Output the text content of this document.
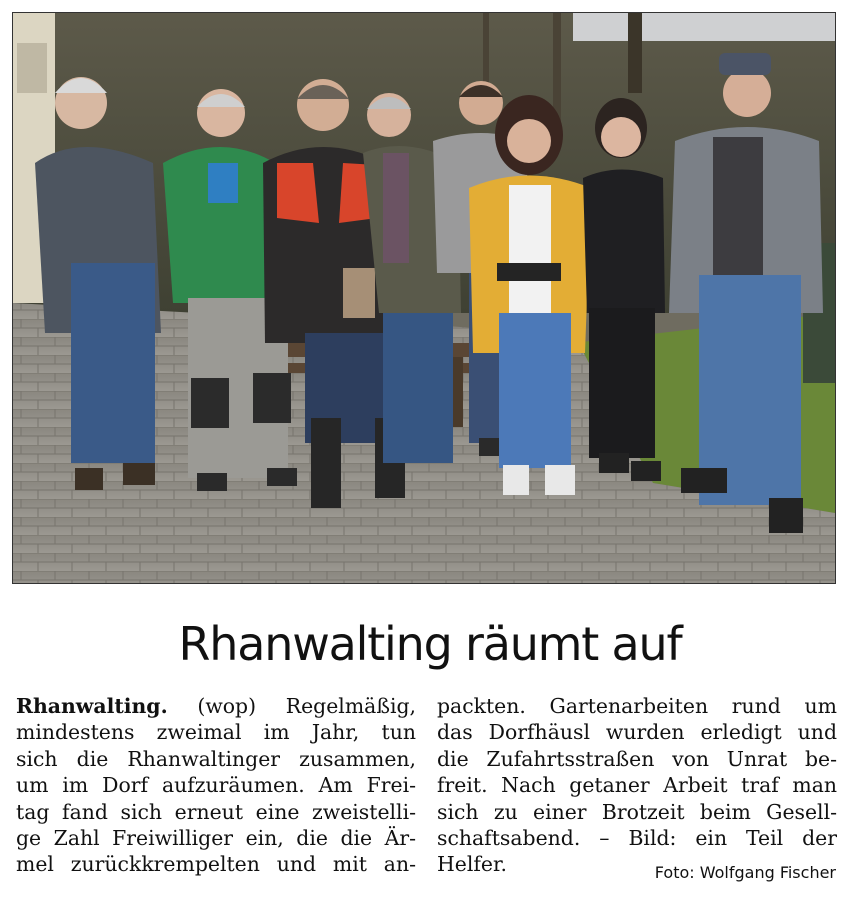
Rhanwalting räumt auf
Rhanwalting. (wop) Regelmäßig,
mindestens zweimal im Jahr, tun
sich die Rhanwaltinger zusammen,
um im Dorf aufzuräumen. Am Frei-
tag fand sich erneut eine zweistelli-
ge Zahl Freiwilliger ein, die die Är-
mel zurückkrempelten und mit an-
packten. Gartenarbeiten rund um
das Dorfhäusl wurden erledigt und
die Zufahrtsstraßen von Unrat be-
freit. Nach getaner Arbeit traf man
sich zu einer Brotzeit beim Gesell-
schaftsabend. – Bild: ein Teil der
Helfer.	Foto: Wolfgang Fischer
